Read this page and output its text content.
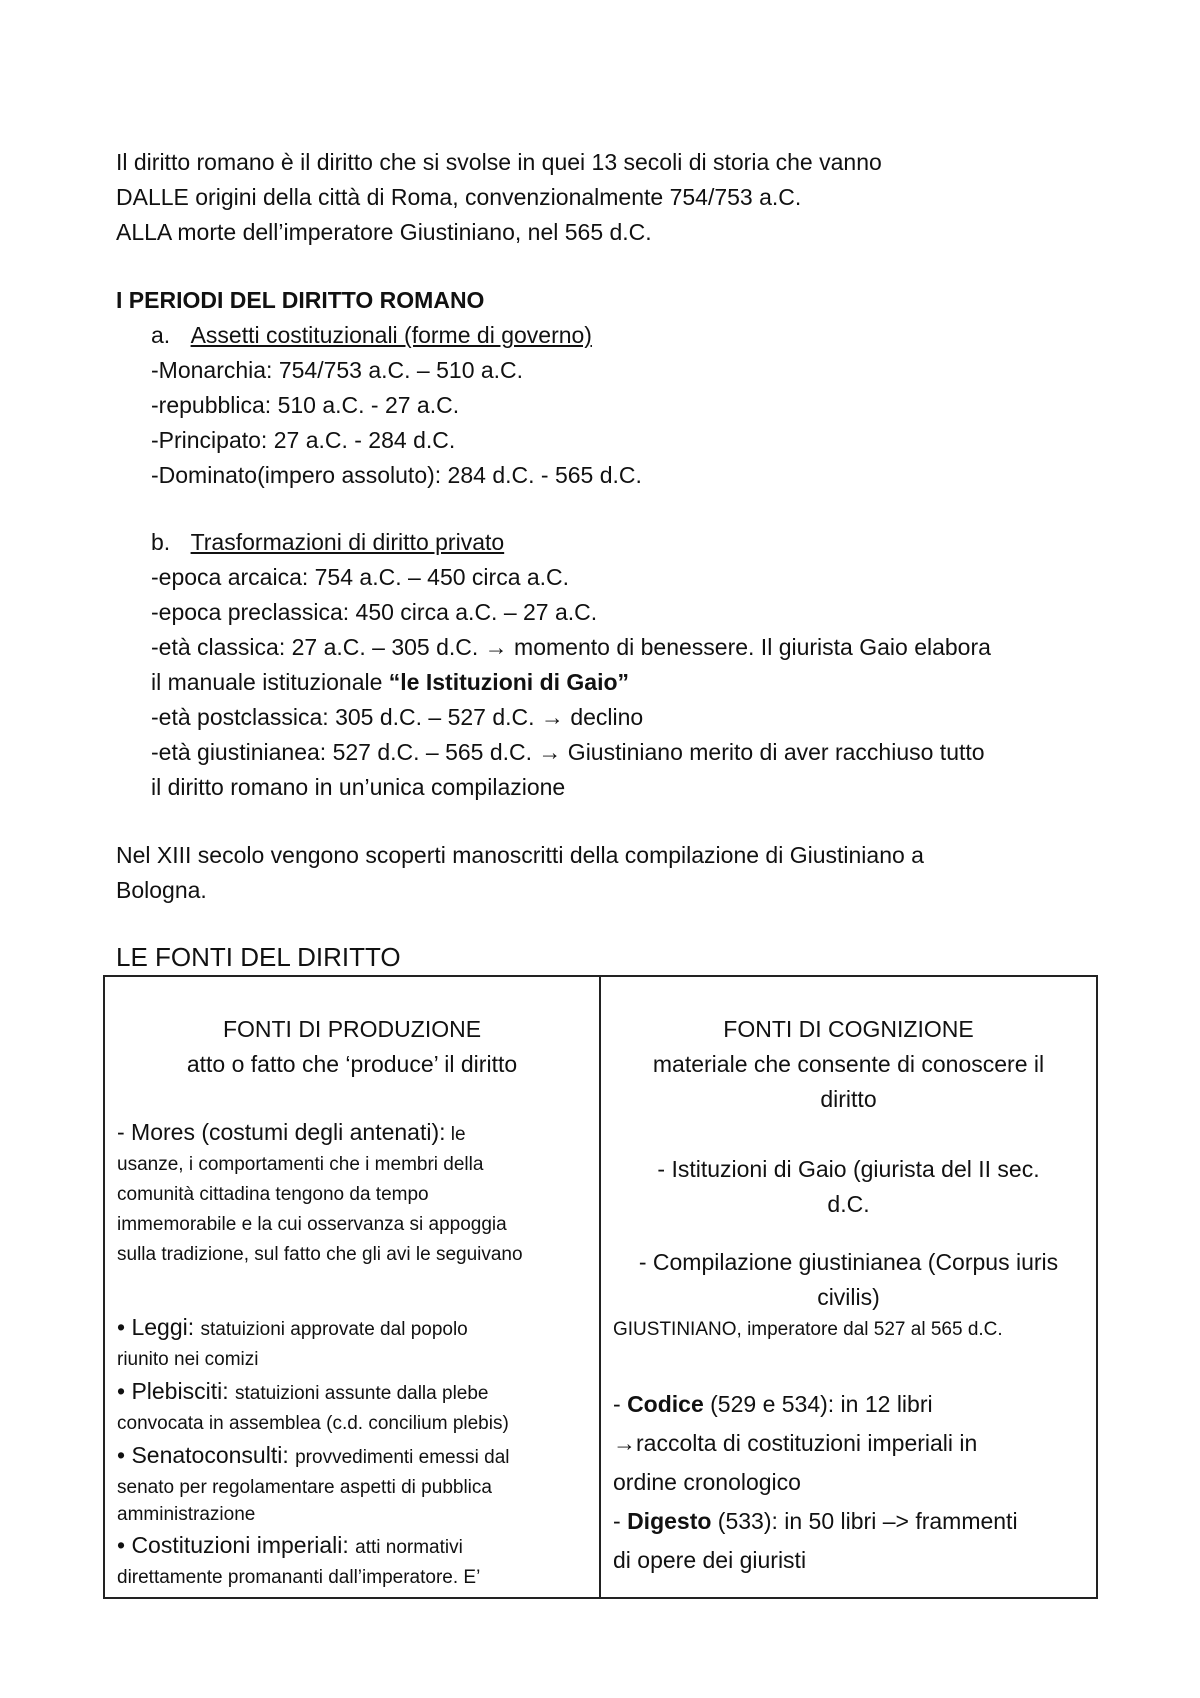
Il diritto romano è il diritto che si svolse in quei 13 secoli di storia che vanno
DALLE origini della città di Roma, convenzionalmente 754/753 a.C.
ALLA morte dell’imperatore Giustiniano, nel 565 d.C.
I PERIODI DEL DIRITTO ROMANO
a. Assetti costituzionali (forme di governo)
-Monarchia: 754/753 a.C. – 510 a.C.
-repubblica: 510 a.C. - 27 a.C.
-Principato: 27 a.C. - 284 d.C.
-Dominato(impero assoluto): 284 d.C. - 565 d.C.
b. Trasformazioni di diritto privato
-epoca arcaica: 754 a.C. – 450 circa a.C.
-epoca preclassica: 450 circa a.C. – 27 a.C.
-età classica: 27 a.C. – 305 d.C. → momento di benessere. Il giurista Gaio elabora
il manuale istituzionale “le Istituzioni di Gaio”
-età postclassica: 305 d.C. – 527 d.C. → declino
-età giustinianea: 527 d.C. – 565 d.C. → Giustiniano merito di aver racchiuso tutto
il diritto romano in un’unica compilazione
Nel XIII secolo vengono scoperti manoscritti della compilazione di Giustiniano a
Bologna.
LE FONTI DEL DIRITTO
FONTI DI PRODUZIONE
atto o fatto che ‘produce’ il diritto
- Mores (costumi degli antenati): le
usanze, i comportamenti che i membri della
comunità cittadina tengono da tempo
immemorabile e la cui osservanza si appoggia
sulla tradizione, sul fatto che gli avi le seguivano
• Leggi: statuizioni approvate dal popolo
riunito nei comizi
• Plebisciti: statuizioni assunte dalla plebe
convocata in assemblea (c.d. concilium plebis)
• Senatoconsulti: provvedimenti emessi dal
senato per regolamentare aspetti di pubblica
amministrazione
• Costituzioni imperiali: atti normativi
direttamente promananti dall’imperatore. E’

FONTI DI COGNIZIONE
materiale che consente di conoscere il
diritto
- Istituzioni di Gaio (giurista del II sec.
d.C.
- Compilazione giustinianea (Corpus iuris
civilis)
GIUSTINIANO, imperatore dal 527 al 565 d.C.
- Codice (529 e 534): in 12 libri
→raccolta di costituzioni imperiali in
ordine cronologico
- Digesto (533): in 50 libri –> frammenti
di opere dei giuristi
